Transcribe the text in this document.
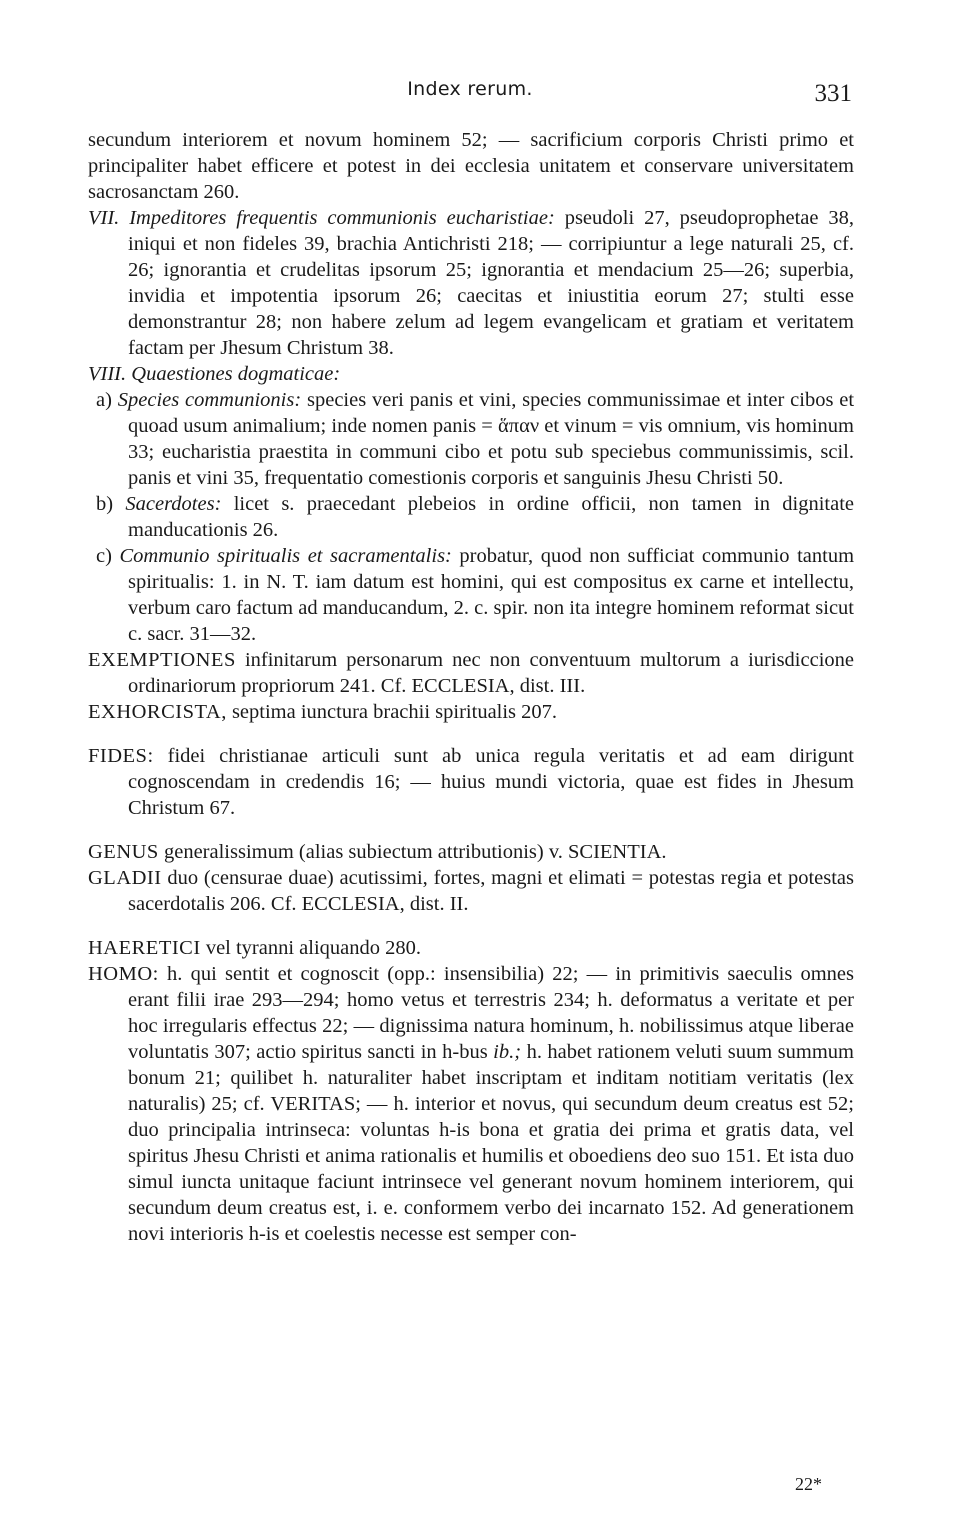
Index rerum.	331

secundum interiorem et novum hominem 52; — sacrificium corporis Christi primo et principaliter habet efficere et potest in dei ecclesia unitatem et conservare universitatem sacrosanctam 260.

VII. Impeditores frequentis communionis eucharistiae: pseudoli 27, pseudoprophetae 38, iniqui et non fideles 39, brachia Antichristi 218; — corripiuntur a lege naturali 25, cf. 26; ignorantia et crudelitas ipsorum 25; ignorantia et mendacium 25—26; superbia, invidia et impotentia ipsorum 26; caecitas et iniustitia eorum 27; stulti esse demonstrantur 28; non habere zelum ad legem evangelicam et gratiam et veritatem factam per Jhesum Christum 38.

VIII. Quaestiones dogmaticae:

a) Species communionis: species veri panis et vini, species communissimae et inter cibos et quoad usum animalium; inde nomen panis = ἅπαν et vinum = vis omnium, vis hominum 33; eucharistia praestita in communi cibo et potu sub speciebus communissimis, scil. panis et vini 35, frequentatio comestionis corporis et sanguinis Jhesu Christi 50.

b) Sacerdotes: licet s. praecedant plebeios in ordine officii, non tamen in dignitate manducationis 26.

c) Communio spiritualis et sacramentalis: probatur, quod non sufficiat communio tantum spiritualis: 1. in N. T. iam datum est homini, qui est compositus ex carne et intellectu, verbum caro factum ad manducandum, 2. c. spir. non ita integre hominem reformat sicut c. sacr. 31—32.

EXEMPTIONES infinitarum personarum nec non conventuum multorum a iurisdiccione ordinariorum propriorum 241. Cf. ECCLESIA, dist. III.

EXHORCISTA, septima iunctura brachii spiritualis 207.

FIDES: fidei christianae articuli sunt ab unica regula veritatis et ad eam dirigunt cognoscendam in credendis 16; — huius mundi victoria, quae est fides in Jhesum Christum 67.

GENUS generalissimum (alias subiectum attributionis) v. SCIENTIA.

GLADII duo (censurae duae) acutissimi, fortes, magni et elimati = potestas regia et potestas sacerdotalis 206. Cf. ECCLESIA, dist. II.

HAERETICI vel tyranni aliquando 280.

HOMO: h. qui sentit et cognoscit (opp.: insensibilia) 22; — in primitivis saeculis omnes erant filii irae 293—294; homo vetus et terrestris 234; h. deformatus a veritate et per hoc irregularis effectus 22; — dignissima natura hominum, h. nobilissimus atque liberae voluntatis 307; actio spiritus sancti in h-bus ib.; h. habet rationem veluti suum summum bonum 21; quilibet h. naturaliter habet inscriptam et inditam notitiam veritatis (lex naturalis) 25; cf. VERITAS; — h. interior et novus, qui secundum deum creatus est 52; duo principalia intrinseca: voluntas h-is bona et gratia dei prima et gratis data, vel spiritus Jhesu Christi et anima rationalis et humilis et obоediens deo suo 151. Et ista duo simul iuncta unitaque faciunt intrinsece vel generant novum hominem interiorem, qui secundum deum creatus est, i. e. conformem verbo dei incarnato 152. Ad generationem novi interioris h-is et coelestis necesse est semper con-

22*
